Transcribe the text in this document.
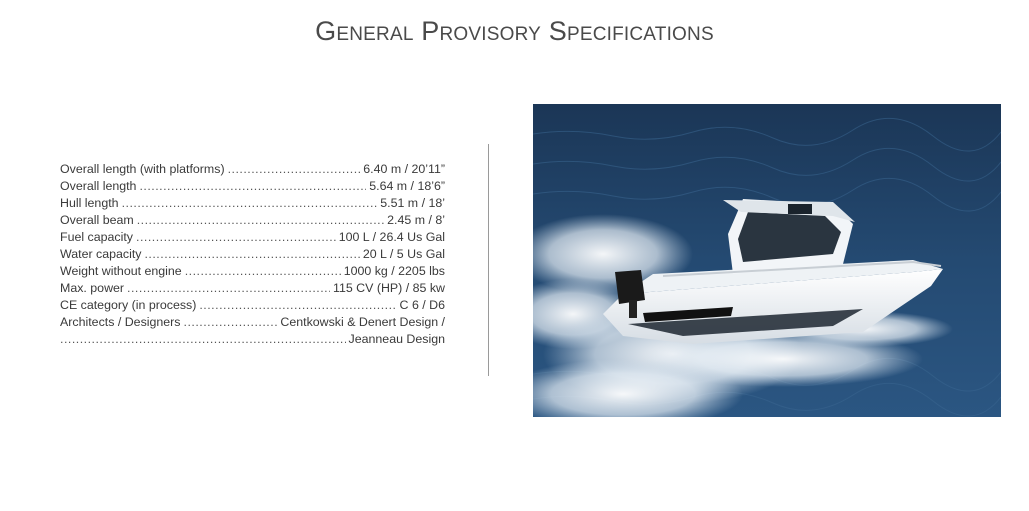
General Provisory Specifications
Overall length (with platforms) .....	6.40 m / 20’11”
Overall length .....	5.64 m / 18’6”
Hull length .....	5.51 m / 18’
Overall beam .....	2.45 m / 8’
Fuel capacity .....	100 L / 26.4 Us Gal
Water capacity .....	20 L / 5 Us Gal
Weight without engine .....	1000 kg / 2205 lbs
Max. power .....	115 CV (HP) / 85 kw
CE category (in process) .....	C 6 / D6
Architects / Designers .....	Centkowski & Denert Design /
.....
Jeanneau Design
